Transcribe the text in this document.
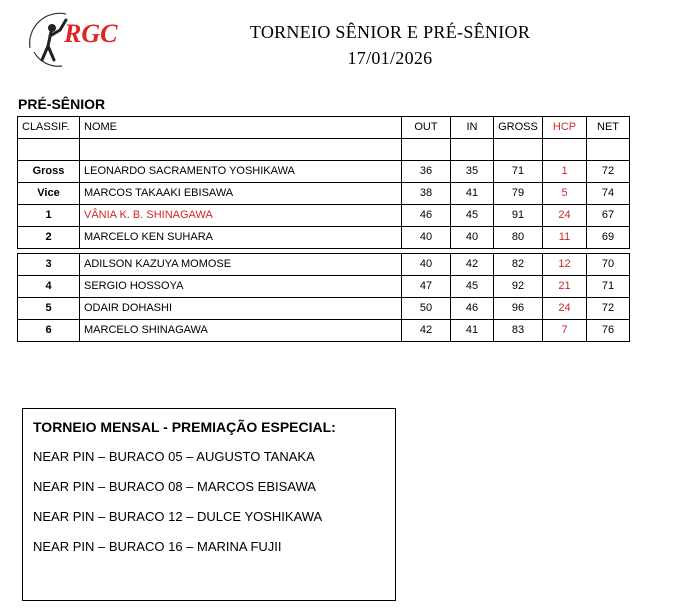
RGC	TORNEIO SÊNIOR E PRÉ-SÊNIOR
17/01/2026
PRÉ-SÊNIOR
CLASSIF.	NOME	OUT	IN	GROSS	HCP	NET

Gross	LEONARDO SACRAMENTO YOSHIKAWA	36	35	71	1	72
Vice	MARCOS TAKAAKI EBISAWA	38	41	79	5	74
1	VÂNIA K. B. SHINAGAWA	46	45	91	24	67
2	MARCELO KEN SUHARA	40	40	80	11	69
3	ADILSON KAZUYA MOMOSE	40	42	82	12	70
4	SERGIO HOSSOYA	47	45	92	21	71
5	ODAIR DOHASHI	50	46	96	24	72
6	MARCELO SHINAGAWA	42	41	83	7	76
TORNEIO MENSAL - PREMIAÇÃO ESPECIAL:
NEAR PIN – BURACO 05 – AUGUSTO TANAKA
NEAR PIN – BURACO 08 – MARCOS EBISAWA
NEAR PIN – BURACO 12 – DULCE YOSHIKAWA
NEAR PIN – BURACO 16 – MARINA FUJII
